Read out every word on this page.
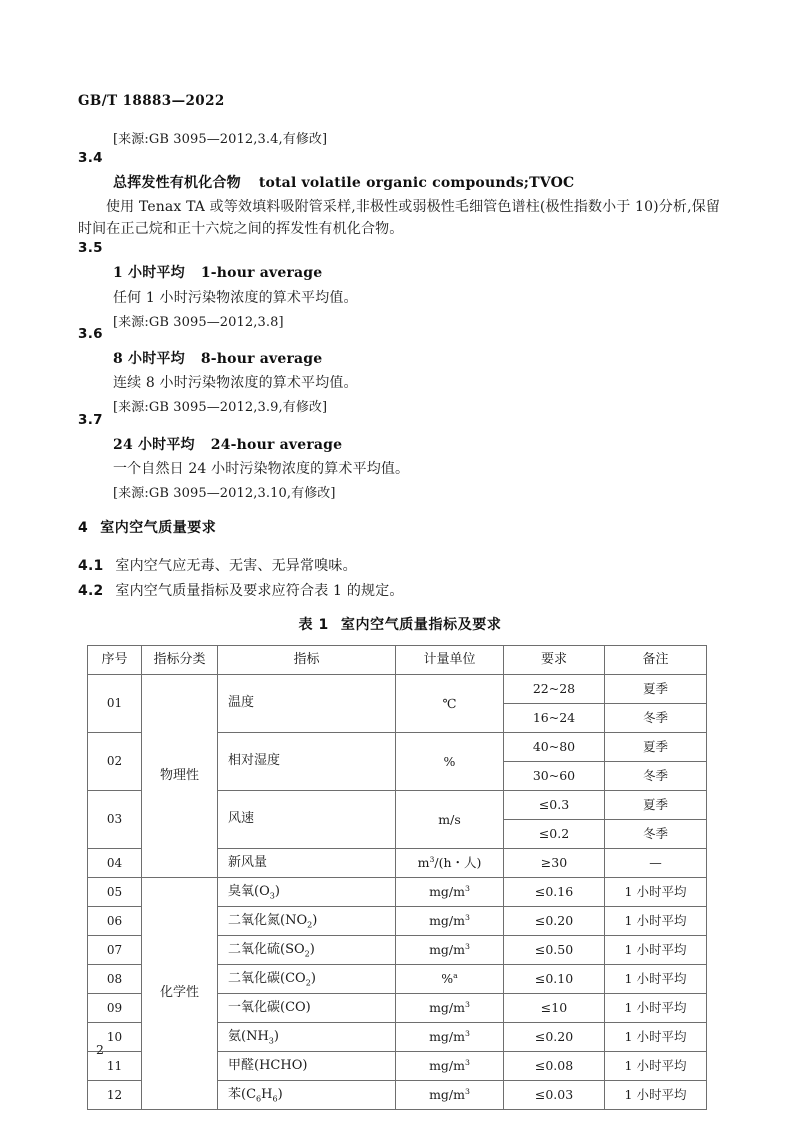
GB/T 18883—2022
[来源:GB 3095—2012,3.4,有修改]
3.4
总挥发性有机化合物 total volatile organic compounds;TVOC
使用 Tenax TA 或等效填料吸附管采样,非极性或弱极性毛细管色谱柱(极性指数小于 10)分析,保留时间在正己烷和正十六烷之间的挥发性有机化合物。
3.5
1 小时平均 1-hour average
任何 1 小时污染物浓度的算术平均值。
[来源:GB 3095—2012,3.8]
3.6
8 小时平均 8-hour average
连续 8 小时污染物浓度的算术平均值。
[来源:GB 3095—2012,3.9,有修改]
3.7
24 小时平均 24-hour average
一个自然日 24 小时污染物浓度的算术平均值。
[来源:GB 3095—2012,3.10,有修改]
4 室内空气质量要求
4.1 室内空气应无毒、无害、无异常嗅味。
4.2 室内空气质量指标及要求应符合表 1 的规定。
表 1 室内空气质量指标及要求
序号	指标分类	指标	计量单位	要求	备注
01	物理性	温度	℃	22~28	夏季
				16~24	冬季
02		相对湿度	%	40~80	夏季
				30~60	冬季
03		风速	m/s	≤0.3	夏季
				≤0.2	冬季
04		新风量	$m^3/(h$・人)	≥30	—
05	化学性	臭氧$(O_3)$	$mg/m^3$	≤0.16	1 小时平均
06		二氧化氮$(NO_2)$	$mg/m^3$	≤0.20	1 小时平均
07		二氧化硫$(SO_2)$	$mg/m^3$	≤0.50	1 小时平均
08		二氧化碳$(CO_2)$	%$^a$	≤0.10	1 小时平均
09		一氧化碳(CO)	$mg/m^3$	≤10	1 小时平均
10		氨$(NH_3)$	$mg/m^3$	≤0.20	1 小时平均
11		甲醛(HCHO)	$mg/m^3$	≤0.08	1 小时平均
12		苯$(C_6H_6)$	$mg/m^3$	≤0.03	1 小时平均
2
